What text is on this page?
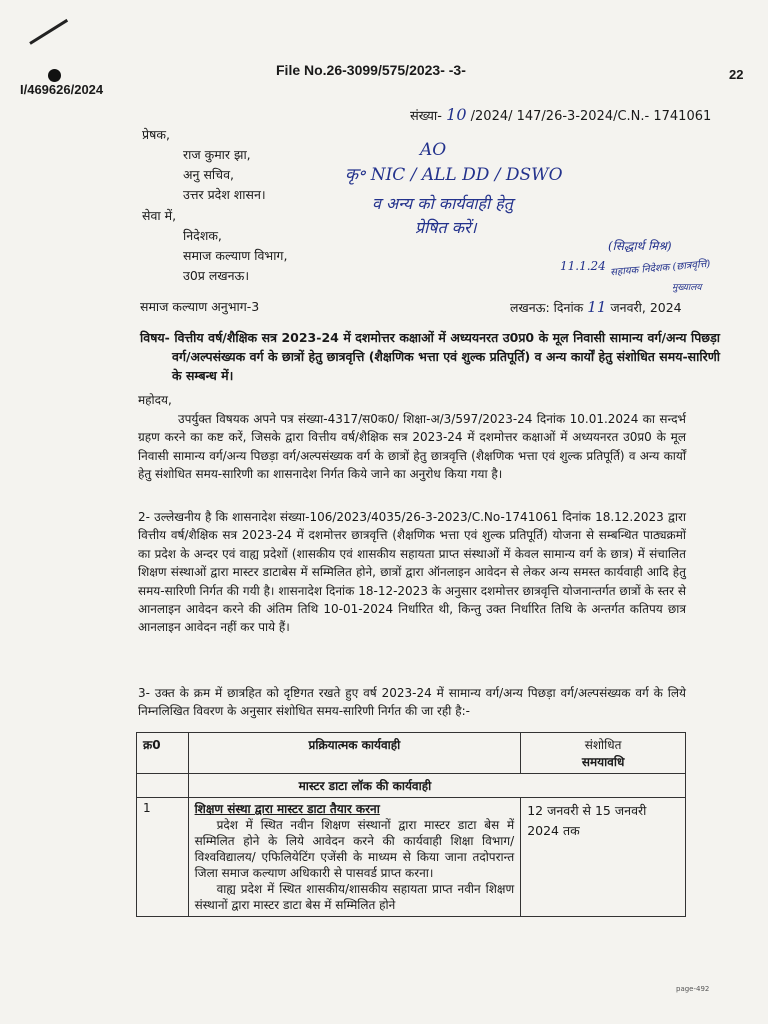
File No.26-3099/575/2023- -3-	22
I/469626/2024
संख्या- 10 /2024/ 147/26-3-2024/C.N.- 1741061
प्रेषक,
राज कुमार झा,
अनु सचिव,
उत्तर प्रदेश शासन।
सेवा में,
निदेशक,
समाज कल्याण विभाग,
उ0प्र लखनऊ।
AO
कृ॰ NIC / ALL DD / DSWO
व अन्य को कार्यवाही हेतु
प्रेषित करें।
(सिद्धार्थ मिश्र)
11.1.24 सहायक निदेशक (छात्रवृत्ति)
मुख्यालय
समाज कल्याण अनुभाग-3	लखनऊ: दिनांक 11 जनवरी, 2024
विषय- वित्तीय वर्ष/शैक्षिक सत्र 2023-24 में दशमोत्तर कक्षाओं में अध्ययनरत उ0प्र0 के मूल निवासी सामान्य वर्ग/अन्य पिछड़ा वर्ग/अल्पसंख्यक वर्ग के छात्रों हेतु छात्रवृत्ति (शैक्षणिक भत्ता एवं शुल्क प्रतिपूर्ति) व अन्य कार्यों हेतु संशोधित समय-सारिणी के सम्बन्ध में।
महोदय,
उपर्युक्त विषयक अपने पत्र संख्या-4317/स0क0/ शिक्षा-अ/3/597/2023-24 दिनांक 10.01.2024 का सन्दर्भ ग्रहण करने का कष्ट करें, जिसके द्वारा वित्तीय वर्ष/शैक्षिक सत्र 2023-24 में दशमोत्तर कक्षाओं में अध्ययनरत उ0प्र0 के मूल निवासी सामान्य वर्ग/अन्य पिछड़ा वर्ग/अल्पसंख्यक वर्ग के छात्रों हेतु छात्रवृत्ति (शैक्षणिक भत्ता एवं शुल्क प्रतिपूर्ति) व अन्य कार्यों हेतु संशोधित समय-सारिणी का शासनादेश निर्गत किये जाने का अनुरोध किया गया है।
2- उल्लेखनीय है कि शासनादेश संख्या-106/2023/4035/26-3-2023/C.No-1741061 दिनांक 18.12.2023 द्वारा वित्तीय वर्ष/शैक्षिक सत्र 2023-24 में दशमोत्तर छात्रवृत्ति (शैक्षणिक भत्ता एवं शुल्क प्रतिपूर्ति) योजना से सम्बन्धित पाठ्यक्रमों का प्रदेश के अन्दर एवं वाह्य प्रदेशों (शासकीय एवं शासकीय सहायता प्राप्त संस्थाओं में केवल सामान्य वर्ग के छात्र) में संचालित शिक्षण संस्थाओं द्वारा मास्टर डाटाबेस में सम्मिलित होने, छात्रों द्वारा ऑनलाइन आवेदन से लेकर अन्य समस्त कार्यवाही आदि हेतु समय-सारिणी निर्गत की गयी है। शासनादेश दिनांक 18-12-2023 के अनुसार दशमोत्तर छात्रवृत्ति योजनान्तर्गत छात्रों के स्तर से आनलाइन आवेदन करने की अंतिम तिथि 10-01-2024 निर्धारित थी, किन्तु उक्त निर्धारित तिथि के अन्तर्गत कतिपय छात्र आनलाइन आवेदन नहीं कर पाये हैं।
3- उक्त के क्रम में छात्रहित को दृष्टिगत रखते हुए वर्ष 2023-24 में सामान्य वर्ग/अन्य पिछड़ा वर्ग/अल्पसंख्यक वर्ग के लिये निम्नलिखित विवरण के अनुसार संशोधित समय-सारिणी निर्गत की जा रही है:-
क्र0	प्रक्रियात्मक कार्यवाही	संशोधित
समयावधि

	मास्टर डाटा लॉक की कार्यवाही	
1	शिक्षण संस्था द्वारा मास्टर डाटा तैयार करना
प्रदेश में स्थित नवीन शिक्षण संस्थानों द्वारा मास्टर डाटा बेस में सम्मिलित होने के लिये आवेदन करने की कार्यवाही शिक्षा विभाग/विश्वविद्यालय/ एफिलियेटिंग एजेंसी के माध्यम से किया जाना तदोपरान्त जिला समाज कल्याण अधिकारी से पासवर्ड प्राप्त करना।
वाह्य प्रदेश में स्थित शासकीय/शासकीय सहायता प्राप्त नवीन शिक्षण संस्थानों द्वारा मास्टर डाटा बेस में सम्मिलित होने	12 जनवरी से 15 जनवरी 2024 तक
page-492
